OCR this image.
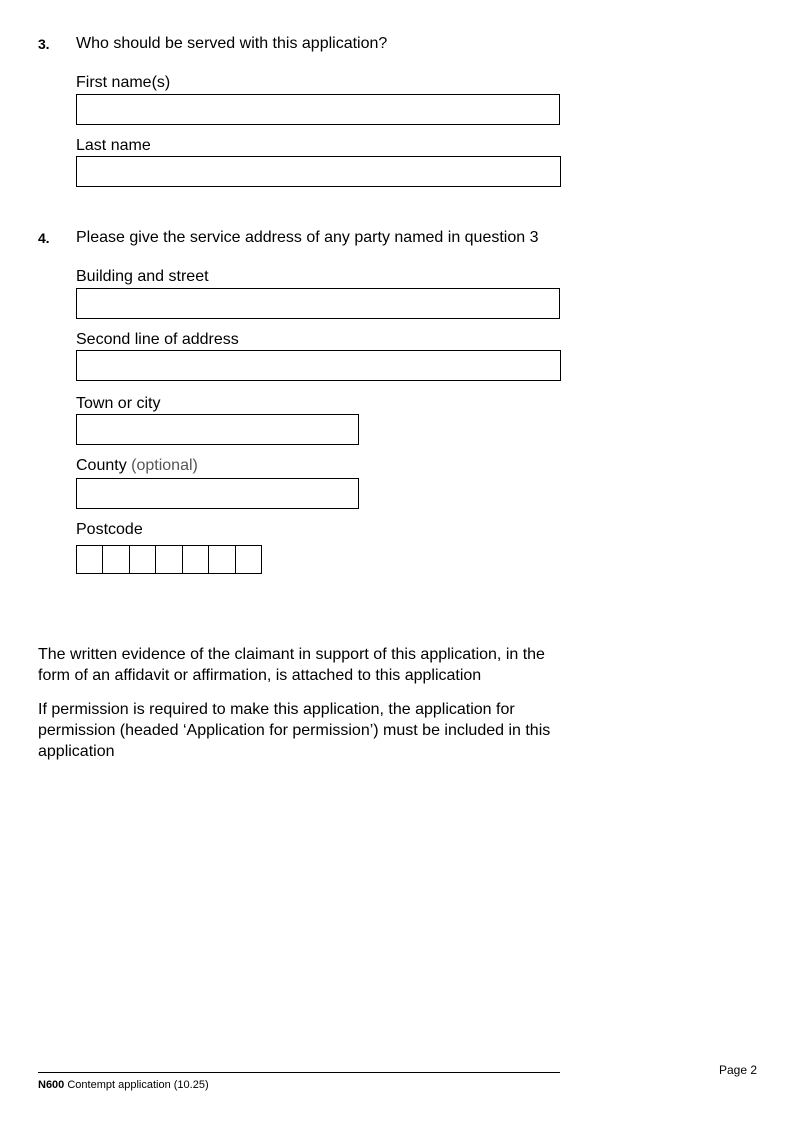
3. Who should be served with this application?
First name(s)
Last name
4. Please give the service address of any party named in question 3
Building and street
Second line of address
Town or city
County (optional)
Postcode
The written evidence of the claimant in support of this application, in the form of an affidavit or affirmation, is attached to this application
If permission is required to make this application, the application for permission (headed ‘Application for permission’) must be included in this application
N600 Contempt application (10.25)
Page 2
